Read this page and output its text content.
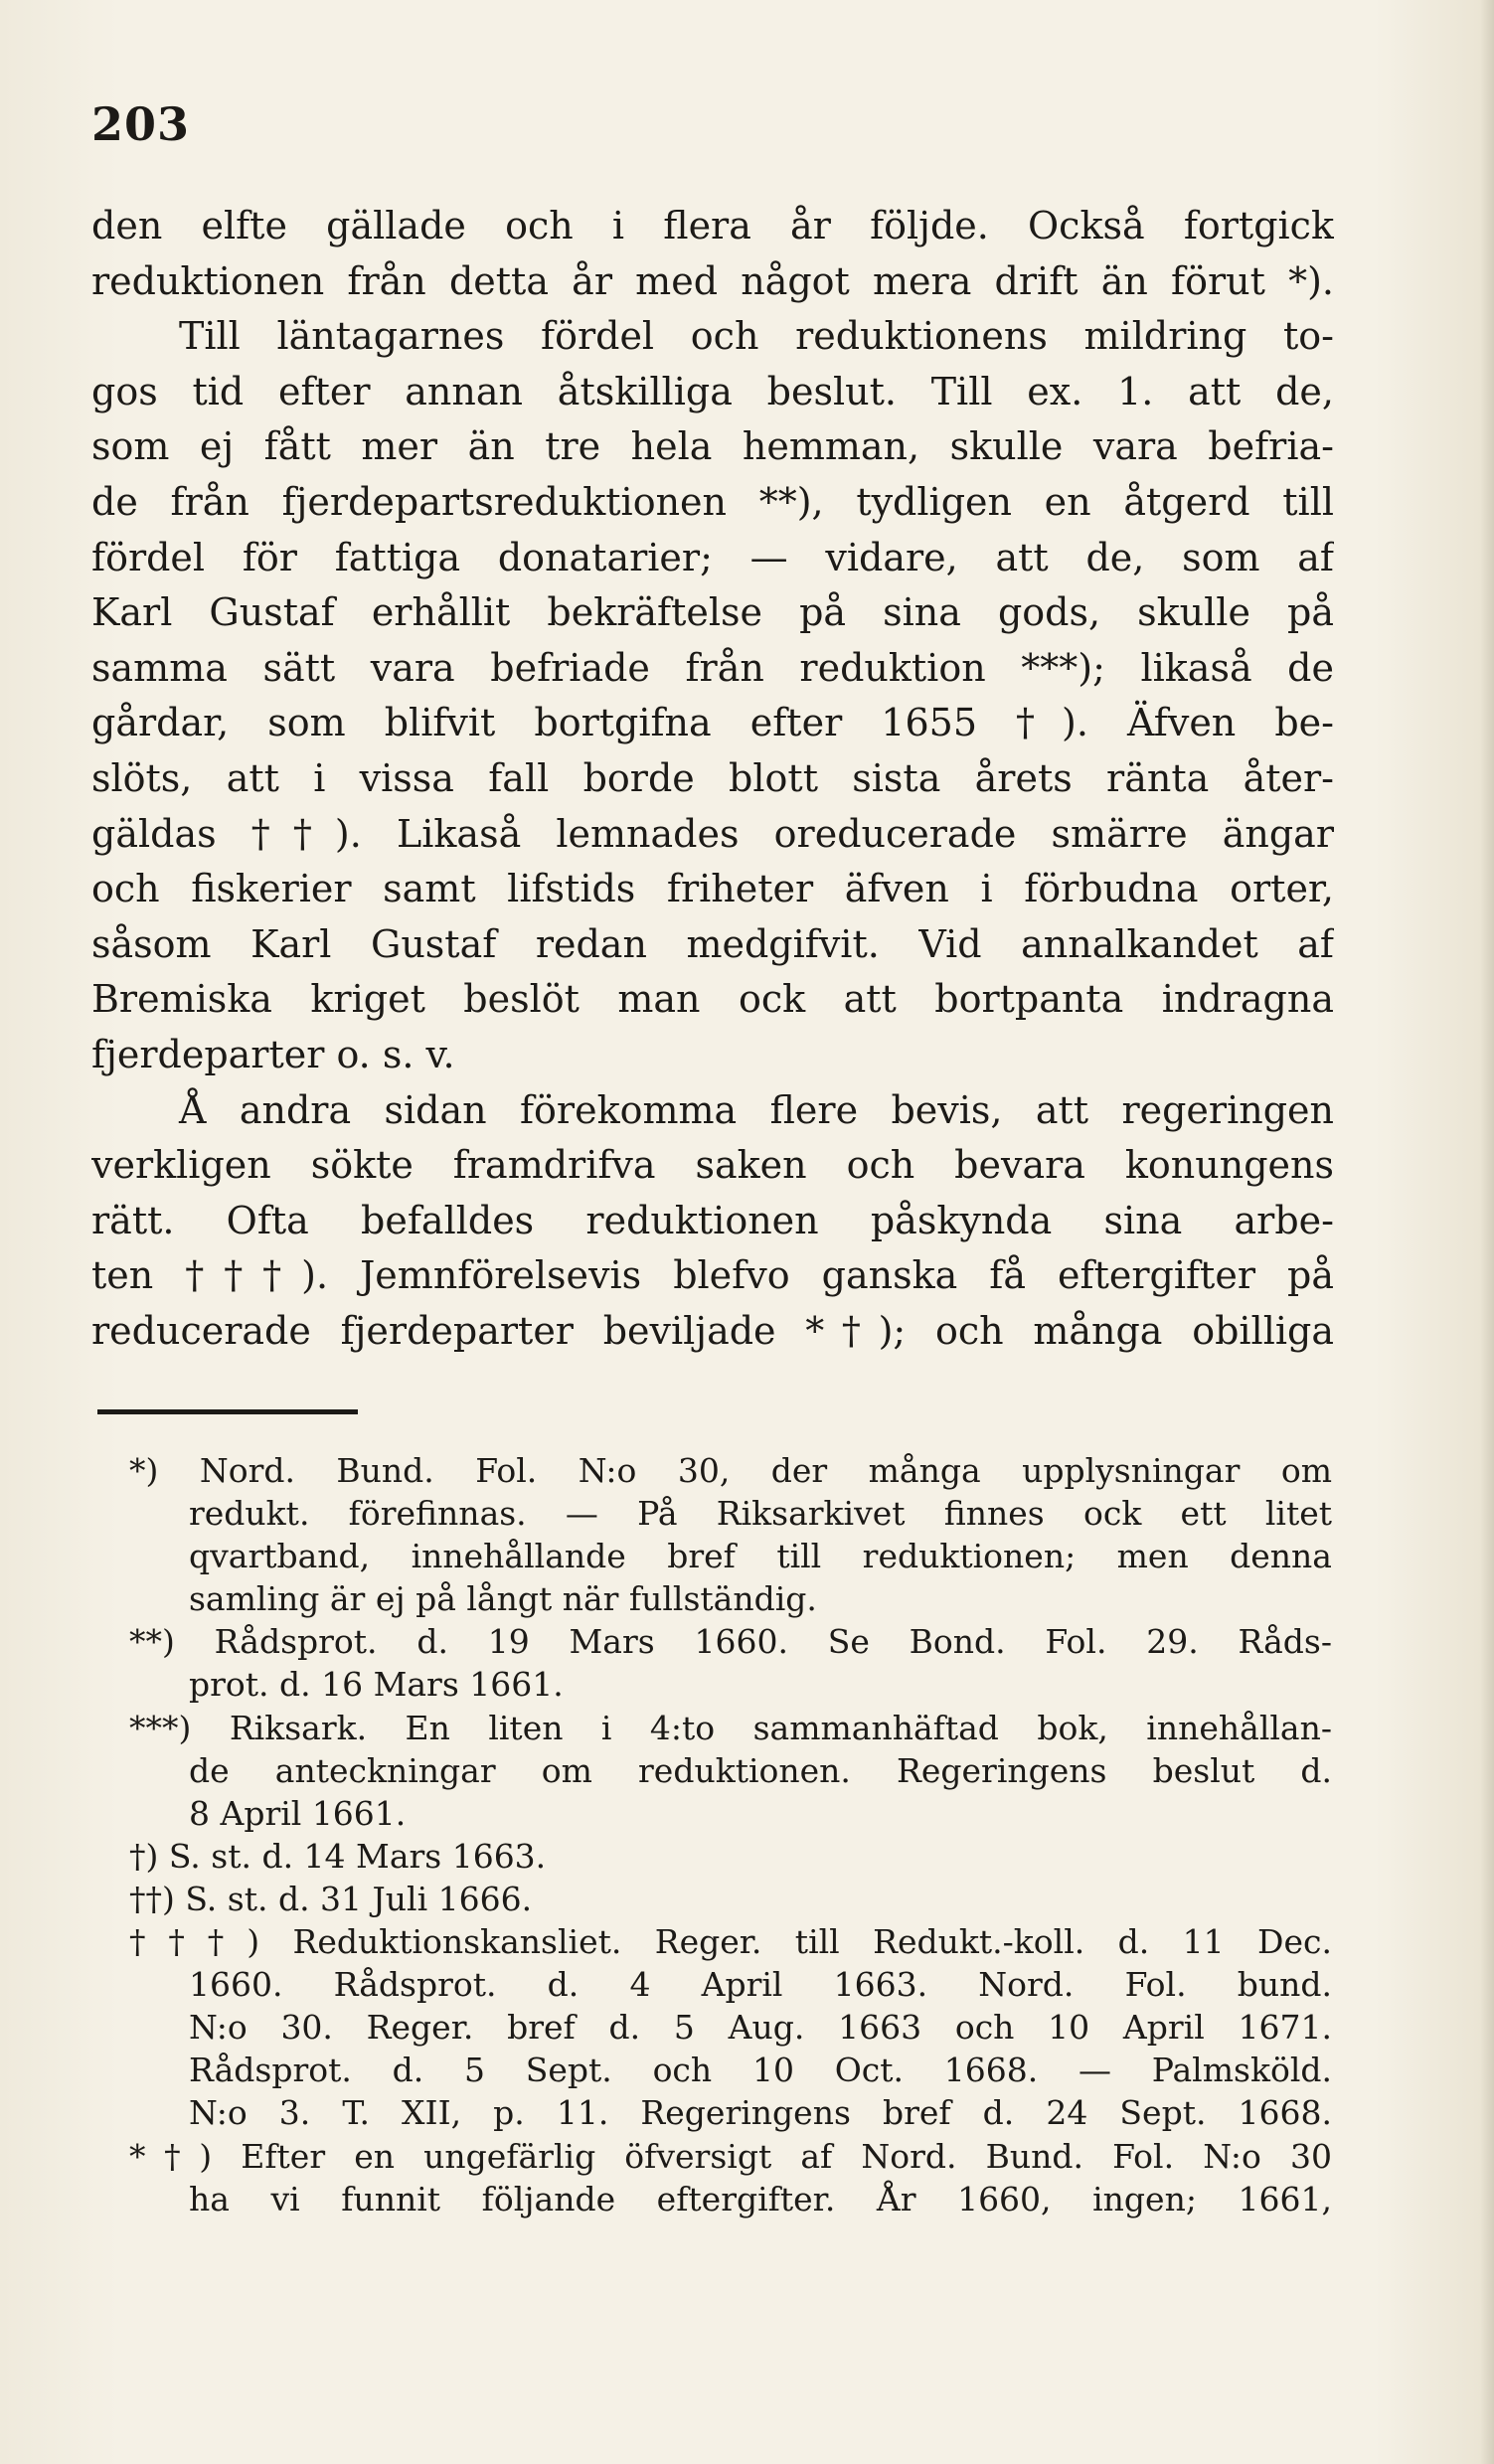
203
den elfte gällade och i flera år följde. Också fortgick
reduktionen från detta år med något mera drift än förut *).
Till läntagarnes fördel och reduktionens mildring to-
gos tid efter annan åtskilliga beslut. Till ex. 1. att de,
som ej fått mer än tre hela hemman, skulle vara befria-
de från fjerdepartsreduktionen **), tydligen en åtgerd till
fördel för fattiga donatarier; — vidare, att de, som af
Karl Gustaf erhållit bekräftelse på sina gods, skulle på
samma sätt vara befriade från reduktion ***); likaså de
gårdar, som blifvit bortgifna efter 1655 †). Äfven be-
slöts, att i vissa fall borde blott sista årets ränta åter-
gäldas ††). Likaså lemnades oreducerade smärre ängar
och fiskerier samt lifstids friheter äfven i förbudna orter,
såsom Karl Gustaf redan medgifvit. Vid annalkandet af
Bremiska kriget beslöt man ock att bortpanta indragna
fjerdeparter o. s. v.
Å andra sidan förekomma flere bevis, att regeringen
verkligen sökte framdrifva saken och bevara konungens
rätt. Ofta befalldes reduktionen påskynda sina arbe-
ten †††). Jemnförelsevis blefvo ganska få eftergifter på
reducerade fjerdeparter beviljade *†); och många obilliga
*) Nord. Bund. Fol. N:o 30, der många upplysningar om
redukt. förefinnas. — På Riksarkivet finnes ock ett litet
qvartband, innehållande bref till reduktionen; men denna
samling är ej på långt när fullständig.
**) Rådsprot. d. 19 Mars 1660. Se Bond. Fol. 29. Råds-
prot. d. 16 Mars 1661.
***) Riksark. En liten i 4:to sammanhäftad bok, innehållan-
de anteckningar om reduktionen. Regeringens beslut d.
8 April 1661.
†) S. st. d. 14 Mars 1663.
††) S. st. d. 31 Juli 1666.
†††) Reduktionskansliet. Reger. till Redukt.-koll. d. 11 Dec.
1660. Rådsprot. d. 4 April 1663. Nord. Fol. bund.
N:o 30. Reger. bref d. 5 Aug. 1663 och 10 April 1671.
Rådsprot. d. 5 Sept. och 10 Oct. 1668. — Palmsköld.
N:o 3. T. XII, p. 11. Regeringens bref d. 24 Sept. 1668.
*†) Efter en ungefärlig öfversigt af Nord. Bund. Fol. N:o 30
ha vi funnit följande eftergifter. År 1660, ingen; 1661,
